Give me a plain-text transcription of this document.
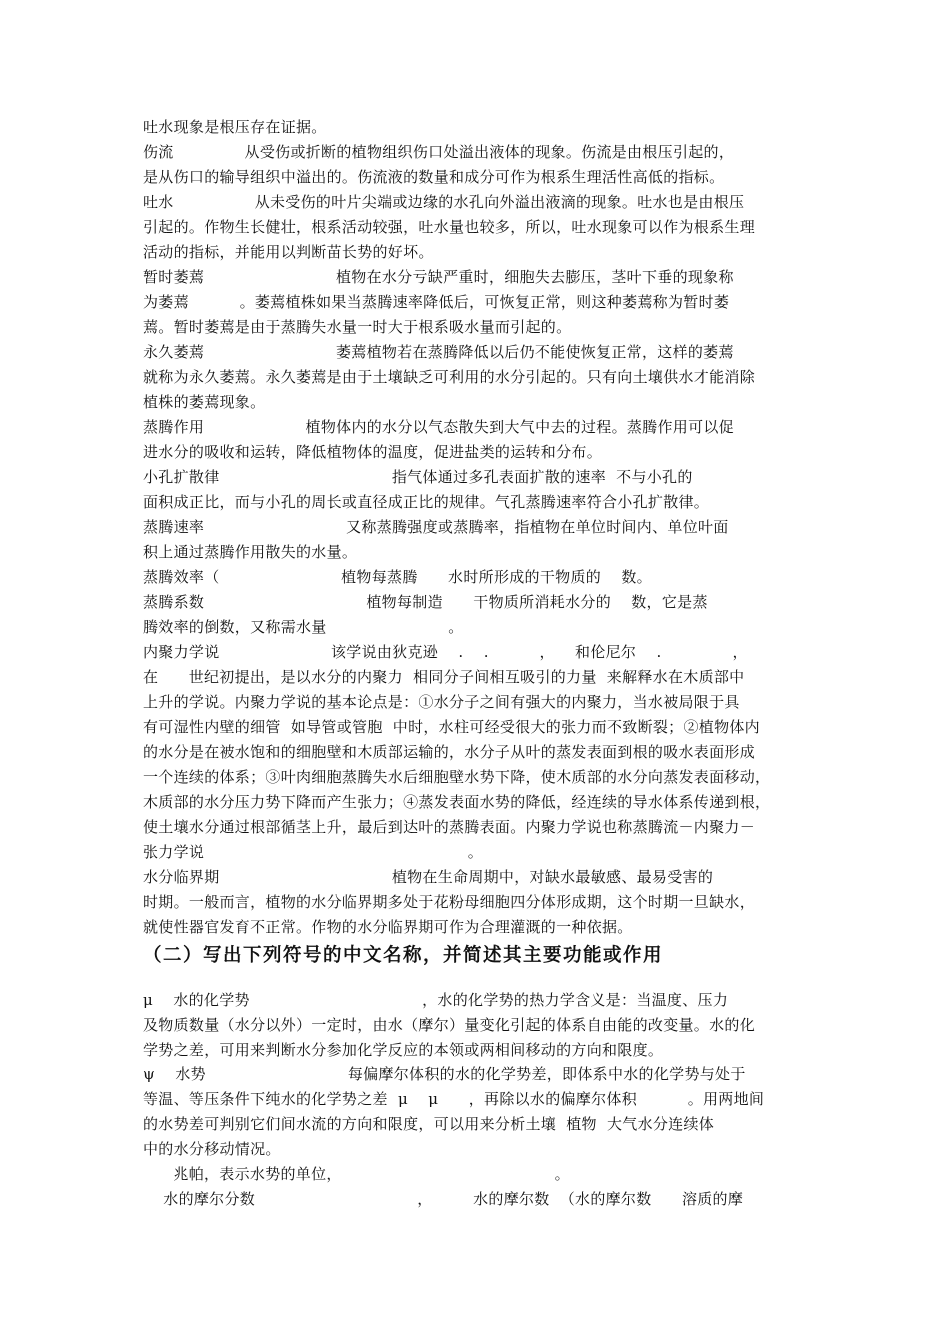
吐水现象是根压存在证据。
伤流              从受伤或折断的植物组织伤口处溢出液体的现象。伤流是由根压引起的，
是从伤口的输导组织中溢出的。伤流液的数量和成分可作为根系生理活性高低的指标。
吐水                从未受伤的叶片尖端或边缘的水孔向外溢出液滴的现象。吐水也是由根压
引起的。作物生长健壮，根系活动较强，吐水量也较多，所以，吐水现象可以作为根系生理
活动的指标，并能用以判断苗长势的好坏。
暂时萎蔫                          植物在水分亏缺严重时，细胞失去膨压，茎叶下垂的现象称
为萎蔫          。萎蔫植株如果当蒸腾速率降低后，可恢复正常，则这种萎蔫称为暂时萎
蔫。暂时萎蔫是由于蒸腾失水量一时大于根系吸水量而引起的。
永久萎蔫                          萎蔫植物若在蒸腾降低以后仍不能使恢复正常，这样的萎蔫
就称为永久萎蔫。永久萎蔫是由于土壤缺乏可利用的水分引起的。只有向土壤供水才能消除
植株的萎蔫现象。
蒸腾作用                    植物体内的水分以气态散失到大气中去的过程。蒸腾作用可以促
进水分的吸收和运转，降低植物体的温度，促进盐类的运转和分布。
小孔扩散律                                  指气体通过多孔表面扩散的速率  不与小孔的
面积成正比，而与小孔的周长或直径成正比的规律。气孔蒸腾速率符合小孔扩散律。
蒸腾速率                            又称蒸腾强度或蒸腾率，指植物在单位时间内、单位叶面
积上通过蒸腾作用散失的水量。
蒸腾效率（                        植物每蒸腾      水时所形成的干物质的    数。
蒸腾系数                                植物每制造      干物质所消耗水分的    数，它是蒸
腾效率的倒数，又称需水量                        。
内聚力学说                      该学说由狄克逊    .    .          ，    和伦尼尔    .              ，
在      世纪初提出，是以水分的内聚力  相同分子间相互吸引的力量  来解释水在木质部中
上升的学说。内聚力学说的基本论点是：①水分子之间有强大的内聚力，当水被局限于具
有可湿性内壁的细管  如导管或管胞  中时，水柱可经受很大的张力而不致断裂；②植物体内
的水分是在被水饱和的细胞壁和木质部运输的，水分子从叶的蒸发表面到根的吸水表面形成
一个连续的体系；③叶肉细胞蒸腾失水后细胞壁水势下降，使木质部的水分向蒸发表面移动，
木质部的水分压力势下降而产生张力；④蒸发表面水势的降低，经连续的导水体系传递到根，
使土壤水分通过根部循茎上升，最后到达叶的蒸腾表面。内聚力学说也称蒸腾流－内聚力－
张力学说                                                    。
水分临界期                                  植物在生命周期中，对缺水最敏感、最易受害的
时期。一般而言，植物的水分临界期多处于花粉母细胞四分体形成期，这个时期一旦缺水，
就使性器官发育不正常。作物的水分临界期可作为合理灌溉的一种依据。
（二）写出下列符号的中文名称，并简述其主要功能或作用
μ    水的化学势                                  ，水的化学势的热力学含义是：当温度、压力
及物质数量（水分以外）一定时，由水（摩尔）量变化引起的体系自由能的改变量。水的化
学势之差，可用来判断水分参加化学反应的本领或两相间移动的方向和限度。
ψ    水势                            每偏摩尔体积的水的化学势差，即体系中水的化学势与处于
等温、等压条件下纯水的化学势之差  μ    μ      ，再除以水的偏摩尔体积          。用两地间
的水势差可判别它们间水流的方向和限度，可以用来分析土壤  植物  大气水分连续体
中的水分移动情况。
兆帕，表示水势的单位，                                          。
水的摩尔分数                                ，        水的摩尔数  （水的摩尔数      溶质的摩
